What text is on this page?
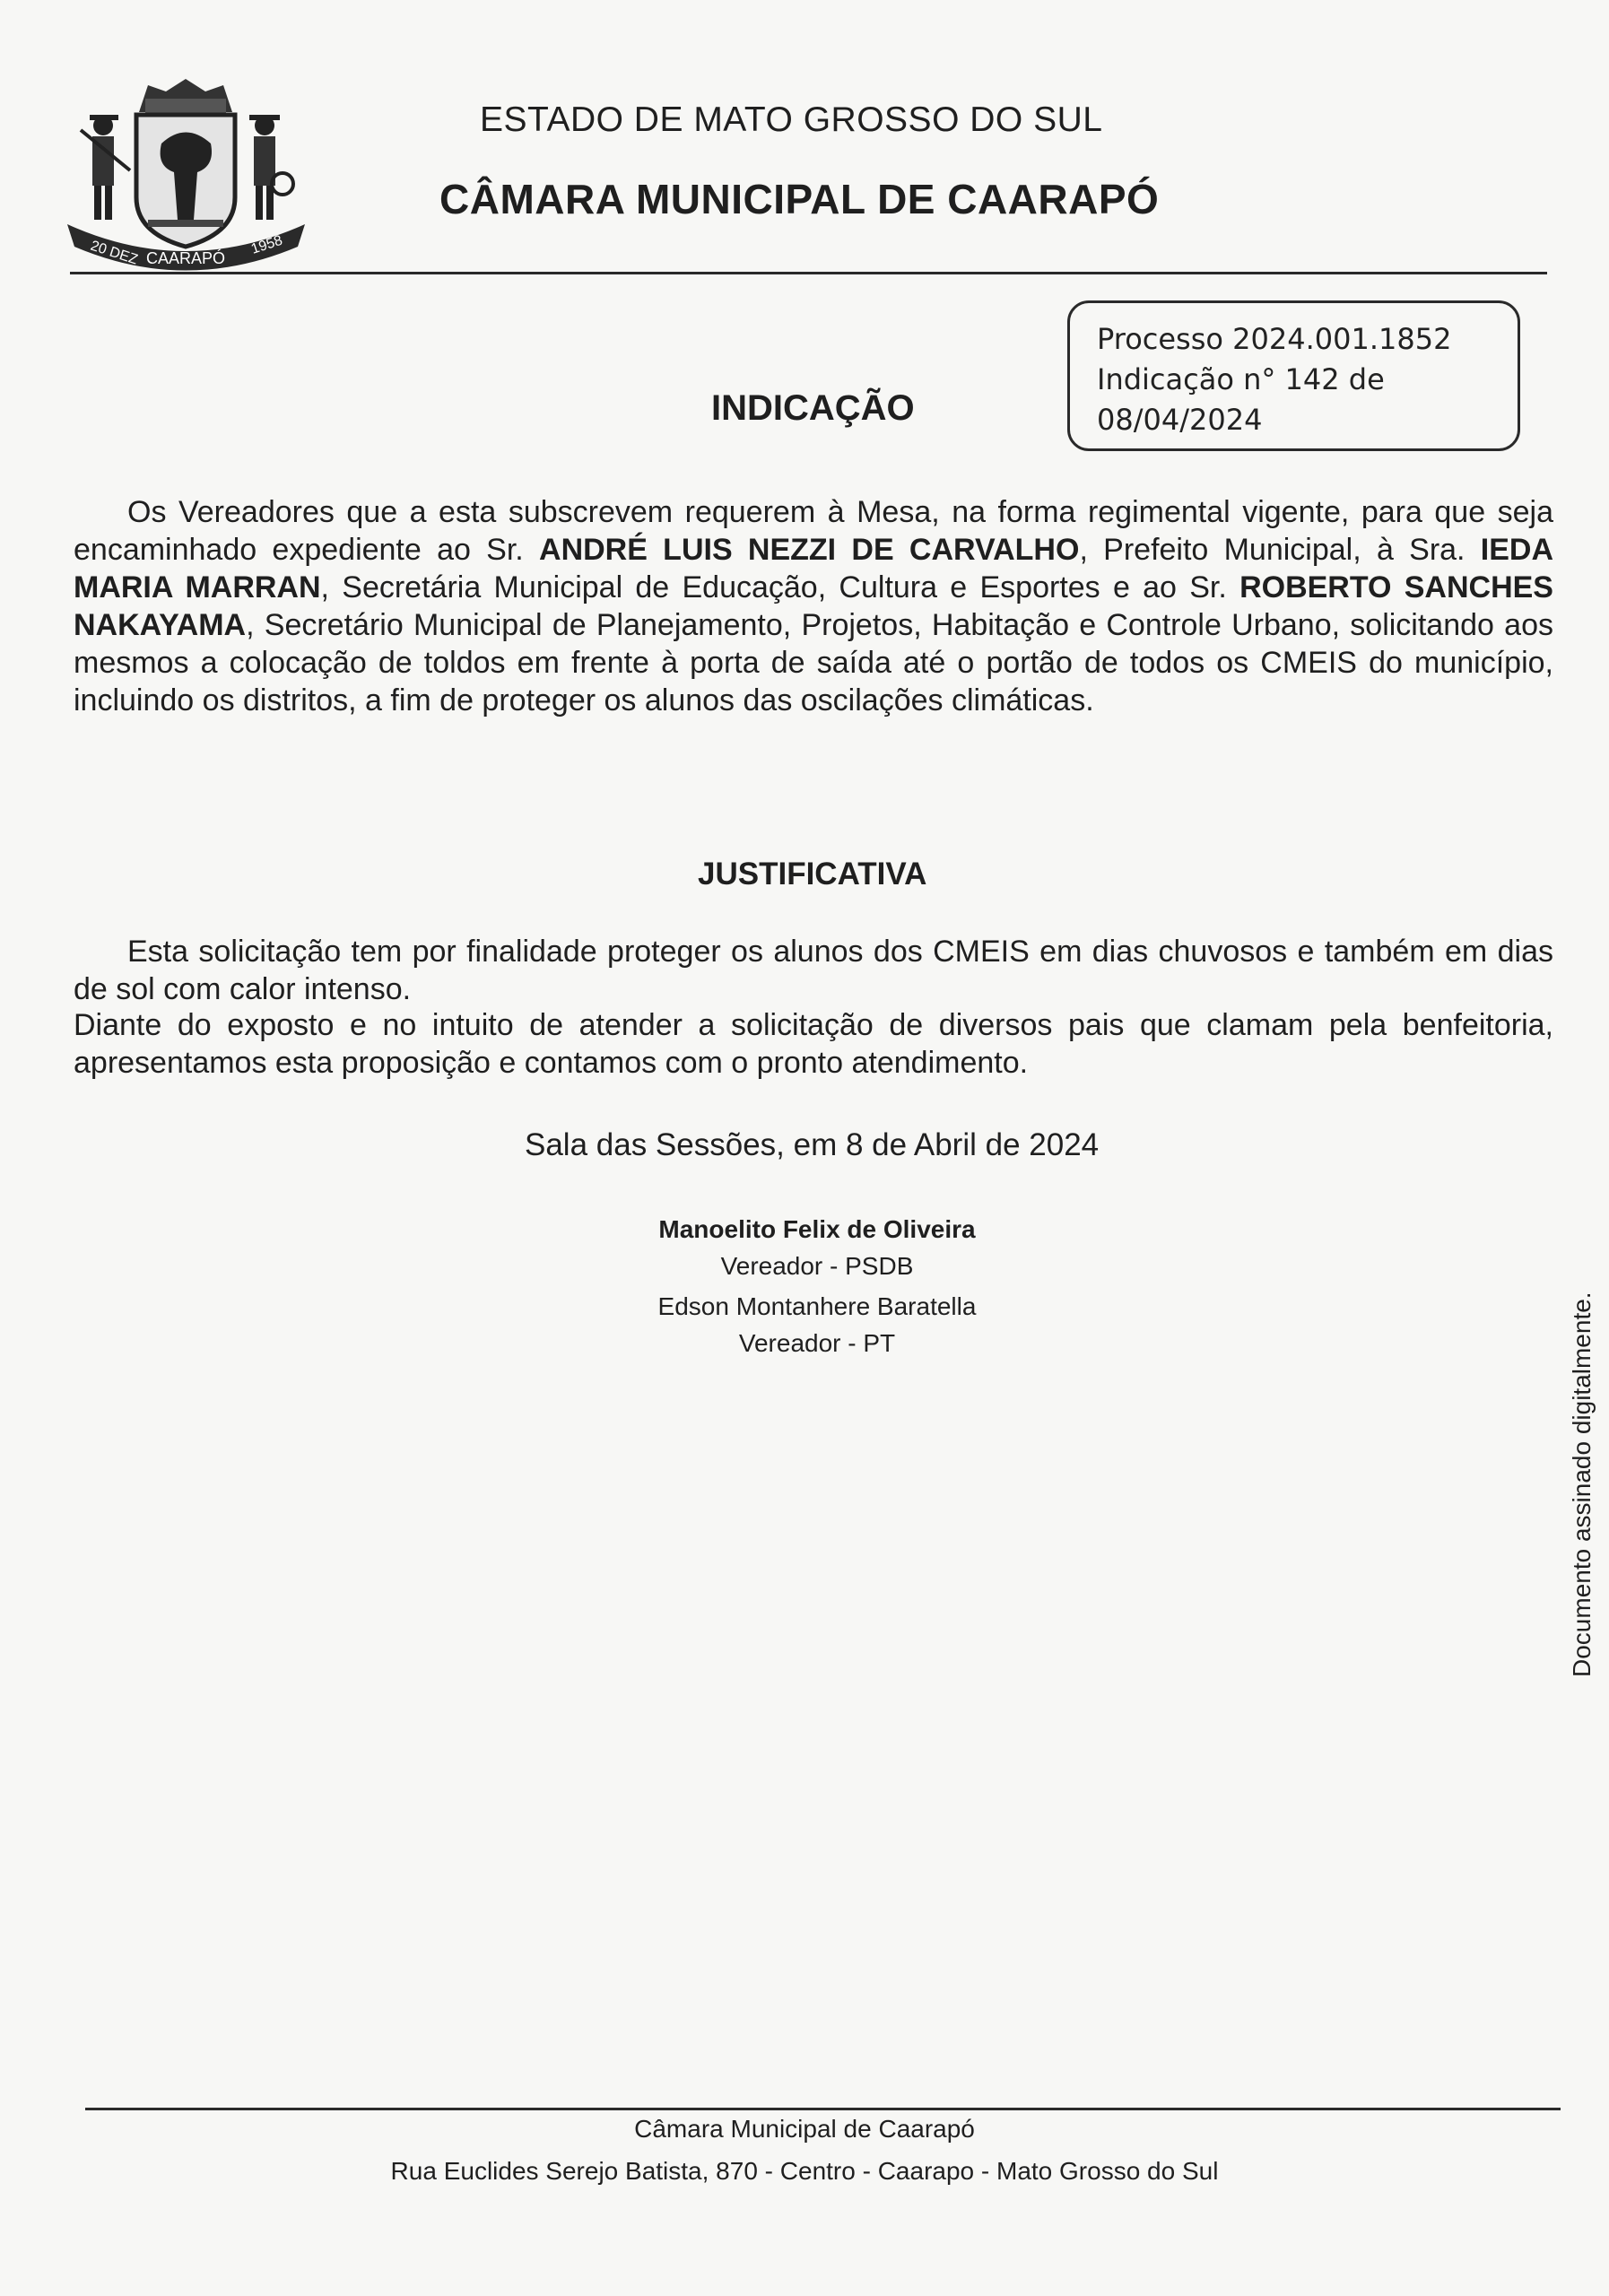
20 DEZ CAARAPÓ
1958
ESTADO DE MATO GROSSO DO SUL
CÂMARA MUNICIPAL DE CAARAPÓ
Processo 2024.001.1852
Indicação n° 142 de
08/04/2024
INDICAÇÃO
Os Vereadores que a esta subscrevem requerem à Mesa, na forma regimental vigente, para que seja encaminhado expediente ao Sr. ANDRÉ LUIS NEZZI DE CARVALHO, Prefeito Municipal, à Sra. IEDA MARIA MARRAN, Secretária Municipal de Educação, Cultura e Esportes e ao Sr. ROBERTO SANCHES NAKAYAMA, Secretário Municipal de Planejamento, Projetos, Habitação e Controle Urbano, solicitando aos mesmos a colocação de toldos em frente à porta de saída até o portão de todos os CMEIS do município, incluindo os distritos, a fim de proteger os alunos das oscilações climáticas.
JUSTIFICATIVA
Esta solicitação tem por finalidade proteger os alunos dos CMEIS em dias chuvosos e também em dias de sol com calor intenso.
Diante do exposto e no intuito de atender a solicitação de diversos pais que clamam pela benfeitoria, apresentamos esta proposição e contamos com o pronto atendimento.
Sala das Sessões, em 8 de Abril de 2024
Manoelito Felix de Oliveira
Vereador - PSDB
Edson Montanhere Baratella
Vereador - PT	Documento assinado digitalmente.
Câmara Municipal de Caarapó
Rua Euclides Serejo Batista, 870 - Centro - Caarapo - Mato Grosso do Sul
